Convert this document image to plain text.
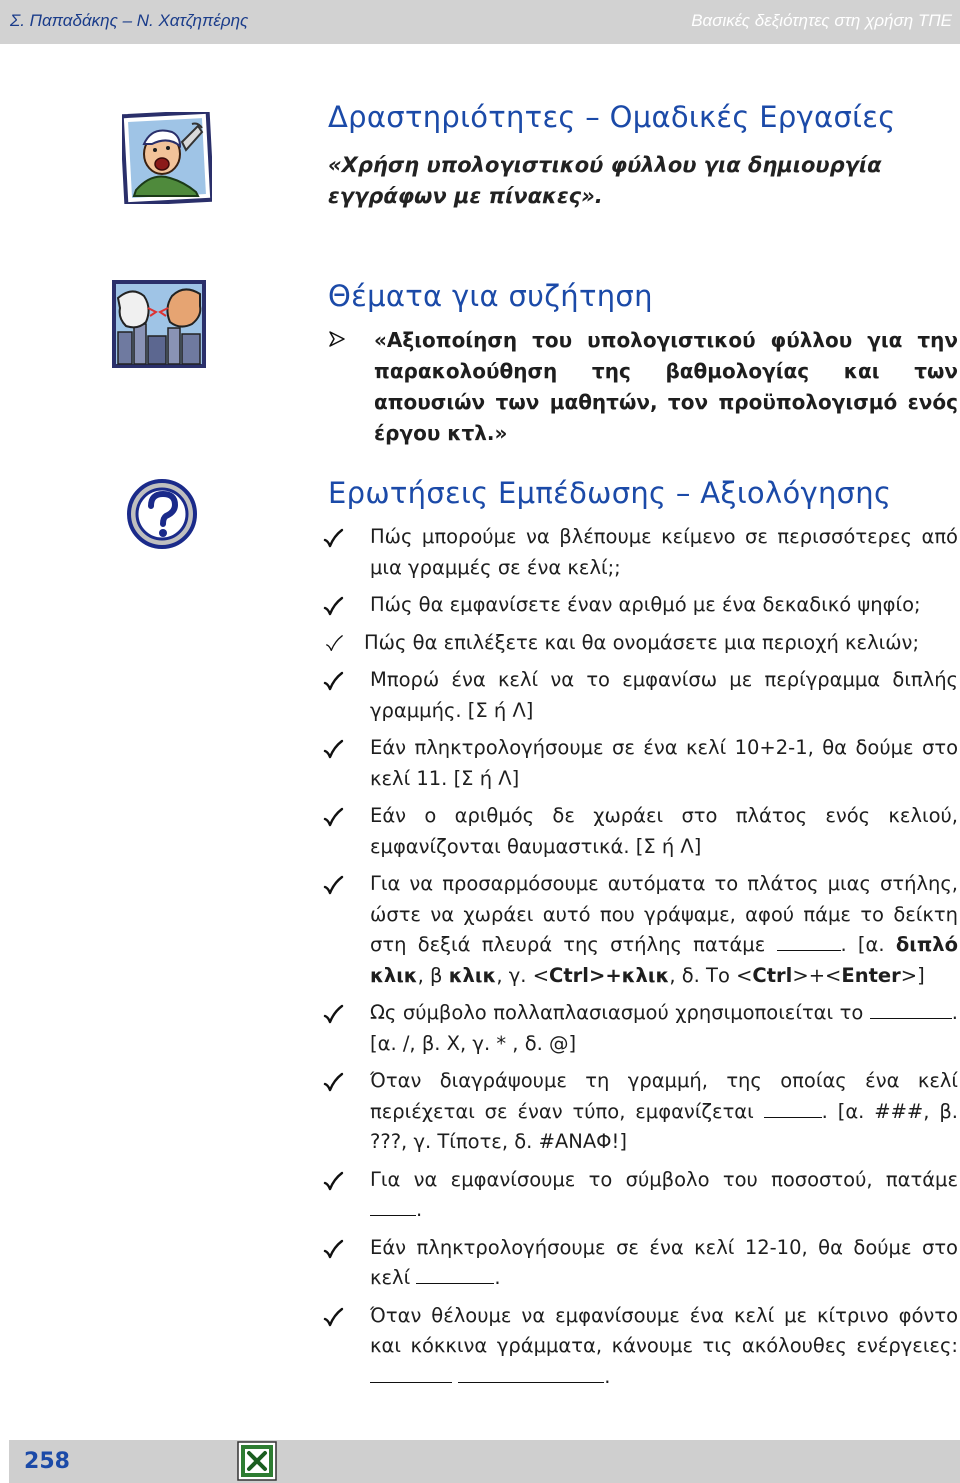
Σ. Παπαδάκης – Ν. Χατζηπέρης	Βασικές δεξιότητες στη χρήση ΤΠΕ
Δραστηριότητες – Ομαδικές Εργασίες
«Χρήση υπολογιστικού φύλλου για δημιουργία εγγράφων με πίνακες».
Θέματα για συζήτηση
«Αξιοποίηση του υπολογιστικού φύλλου για την παρακολούθηση της βαθμολογίας και των απουσιών των μαθητών, τον προϋπολογισμό ενός έργου κτλ.»
Ερωτήσεις Εμπέδωσης – Αξιολόγησης
Πώς μπορούμε να βλέπουμε κείμενο σε περισσότερες από μια γραμμές σε ένα κελί;;
Πώς θα εμφανίσετε έναν αριθμό με ένα δεκαδικό ψηφίο;
Πώς θα επιλέξετε και θα ονομάσετε μια περιοχή κελιών;
Μπορώ ένα κελί να το εμφανίσω με περίγραμμα διπλής γραμμής. [Σ ή Λ]
Εάν πληκτρολογήσουμε σε ένα κελί 10+2-1, θα δούμε στο κελί 11. [Σ ή Λ]
Εάν ο αριθμός δε χωράει στο πλάτος ενός κελιού, εμφανίζονται θαυμαστικά. [Σ ή Λ]
Για να προσαρμόσουμε αυτόματα το πλάτος μιας στήλης, ώστε να χωράει αυτό που γράψαμε, αφού πάμε το δείκτη στη δεξιά πλευρά της στήλης πατάμε	. [α. διπλό κλικ, β κλικ, γ. <Ctrl>+κλικ, δ. Το <Ctrl>+<Enter>]
Ως σύμβολο πολλαπλασιασμού χρησιμοποιείται το	. [α. /, β. Χ, γ. * , δ. @]
Όταν διαγράψουμε τη γραμμή, της οποίας ένα κελί περιέχεται σε έναν τύπο, εμφανίζεται	. [α. ###, β. ???, γ. Τίποτε, δ. #ΑΝΑΦ!]
Για να εμφανίσουμε το σύμβολο του ποσοστού, πατάμε .
Εάν πληκτρολογήσουμε σε ένα κελί 12-10, θα δούμε στο κελί	.
Όταν θέλουμε να εμφανίσουμε ένα κελί με κίτρινο φόντο και κόκκινα γράμματα, κάνουμε τις ακόλουθες ενέργειες:  .
258
